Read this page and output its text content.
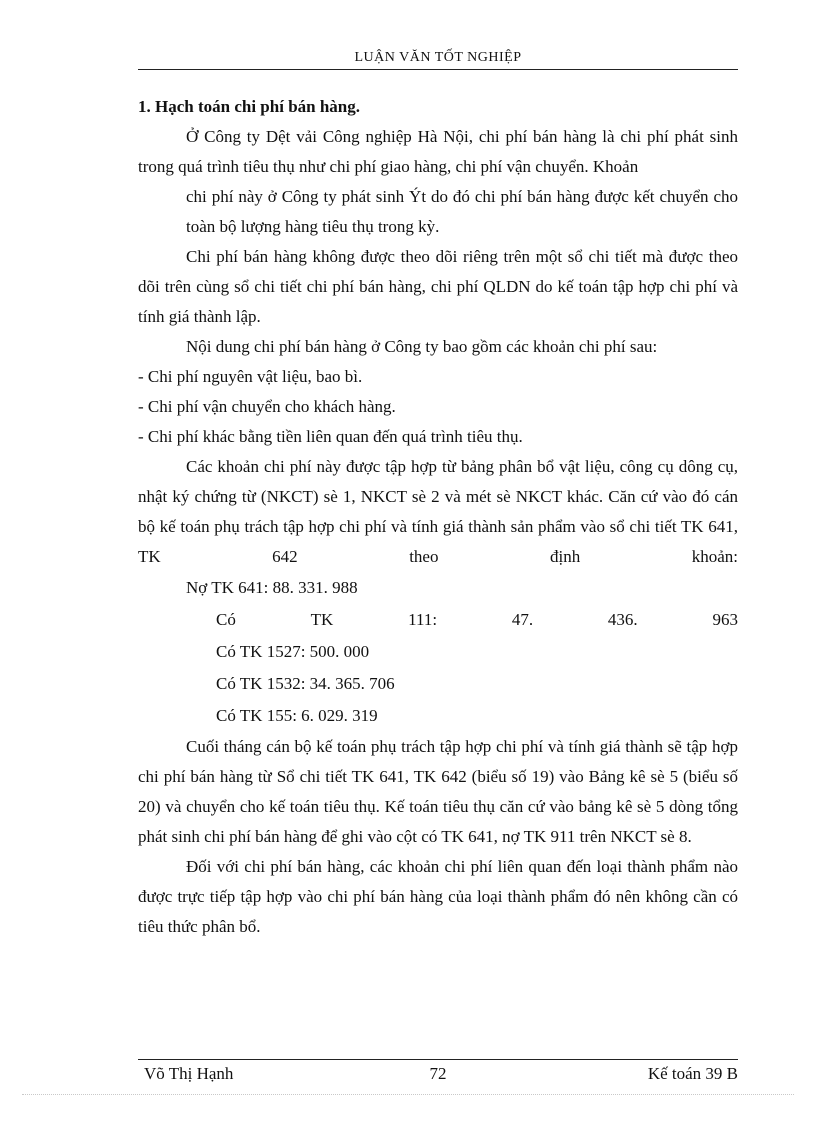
LUẬN VĂN TỐT NGHIỆP

1. Hạch toán chi phí bán hàng.

Ở Công ty Dệt vải Công nghiệp Hà Nội, chi phí bán hàng là chi phí phát sinh trong quá trình tiêu thụ như chi phí giao hàng, chi phí vận chuyển. Khoản

chi phí này ở Công ty phát sinh Ýt do đó chi phí bán hàng được kết chuyển cho toàn bộ lượng hàng tiêu thụ trong kỳ.

Chi phí bán hàng không được theo dõi riêng trên một sổ chi tiết mà được theo dõi trên cùng sổ chi tiết chi phí bán hàng, chi phí QLDN do kế toán tập hợp chi phí và tính giá thành lập.

Nội dung chi phí bán hàng ở Công ty bao gồm các khoản chi phí sau:

- Chi phí nguyên vật liệu, bao bì.

- Chi phí vận chuyển cho khách hàng.

- Chi phí khác bằng tiền liên quan đến quá trình tiêu thụ.

Các khoản chi phí này được tập hợp từ bảng phân bổ vật liệu, công cụ dông cụ, nhật ký chứng từ (NKCT) sè 1, NKCT sè 2 và mét sè NKCT khác. Căn cứ vào đó cán bộ kế toán phụ trách tập hợp chi phí và tính giá thành sản phẩm vào sổ chi tiết TK 641, TK 642 theo định khoản:

Nợ TK 641: 88. 331. 988

Có	TK	111:	47.	436.	963

Có TK 1527: 500. 000

Có TK 1532: 34. 365. 706

Có TK 155: 6. 029. 319

Cuối tháng cán bộ kế toán phụ trách tập hợp chi phí và tính giá thành sẽ tập hợp chi phí bán hàng từ Sổ chi tiết TK 641, TK 642 (biểu số 19) vào Bảng kê sè 5 (biểu số 20) và chuyển cho kế toán tiêu thụ. Kế toán tiêu thụ căn cứ vào bảng kê sè 5 dòng tổng phát sinh chi phí bán hàng để ghi vào cột có TK 641, nợ TK 911 trên NKCT sè 8.

Đối với chi phí bán hàng, các khoản chi phí liên quan đến loại thành phẩm nào được trực tiếp tập hợp vào chi phí bán hàng của loại thành phẩm đó nên không cần có tiêu thức phân bổ.

Võ Thị Hạnh	72	Kế toán 39 B
